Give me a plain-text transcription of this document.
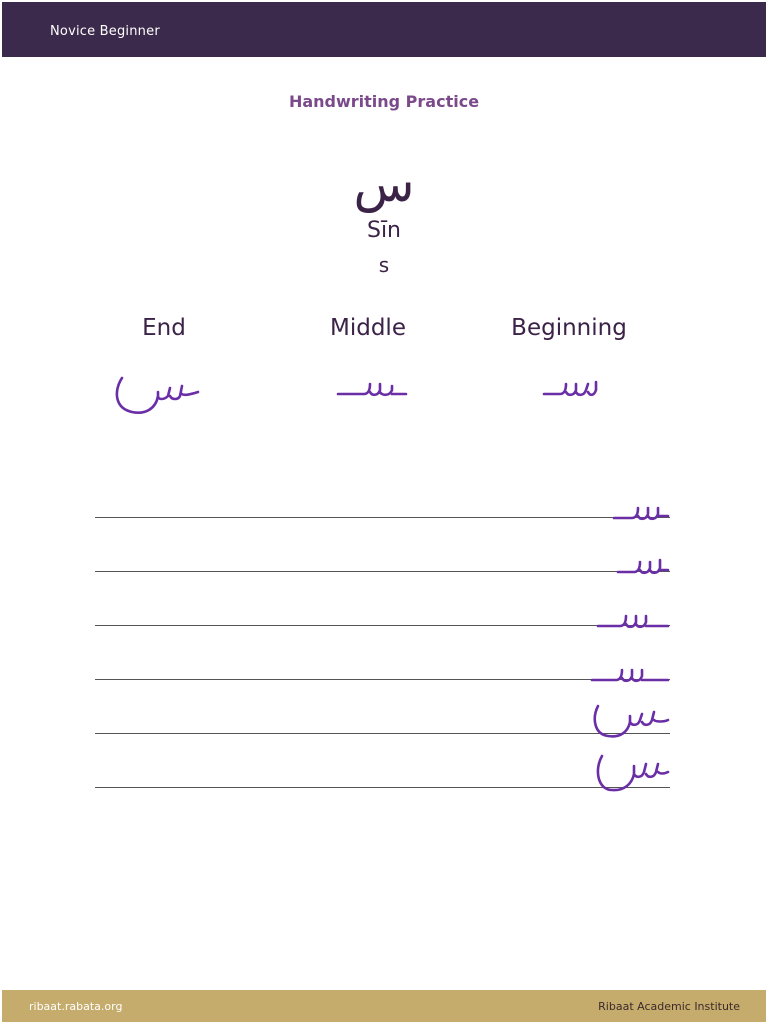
Novice Beginner
Handwriting Practice
س
Sīn
s
End	Middle	Beginning
ribaat.rabata.org	Ribaat Academic Institute
